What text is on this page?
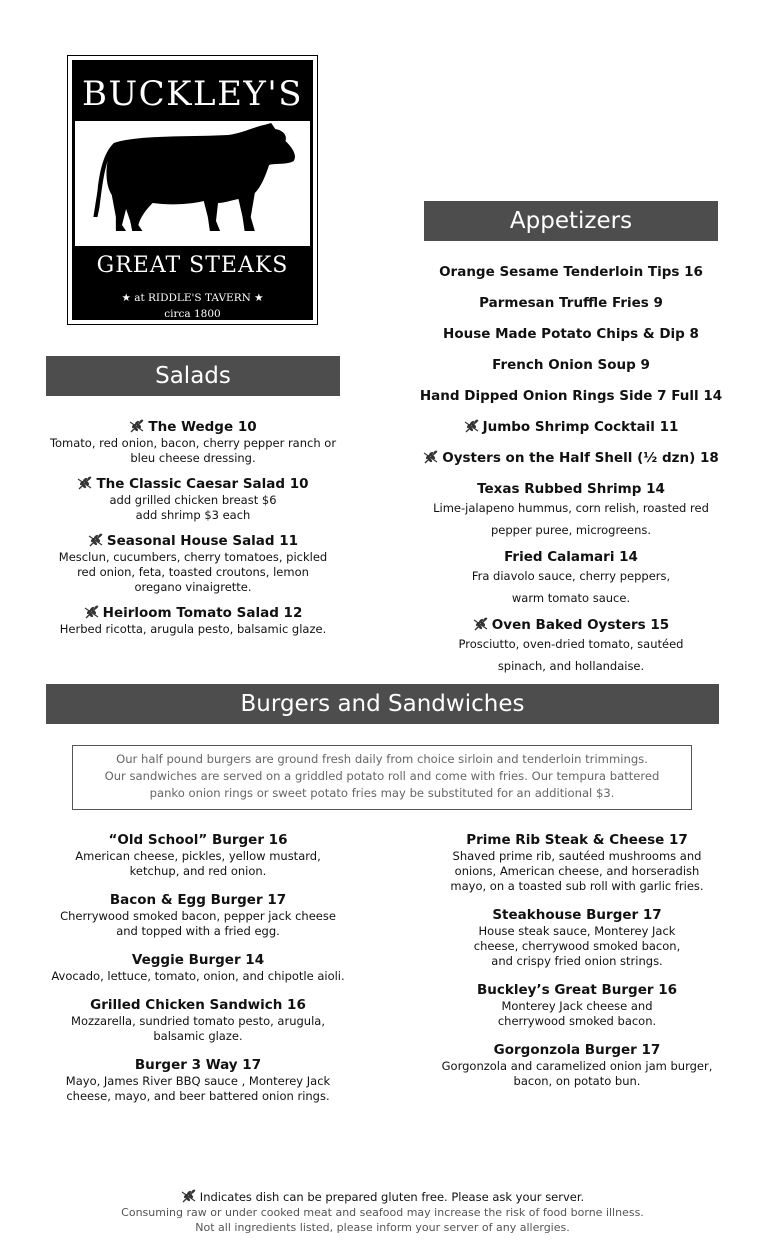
BUCKLEY'S
GREAT STEAKS
★ at RIDDLE'S TAVERN ★
circa 1800
Appetizers
Orange Sesame Tenderloin Tips 16
Parmesan Truffle Fries 9
House Made Potato Chips & Dip 8
French Onion Soup 9
Hand Dipped Onion Rings Side 7 Full 14
Jumbo Shrimp Cocktail 11
Oysters on the Half Shell (½ dzn) 18
Texas Rubbed Shrimp 14
Lime-jalapeno hummus, corn relish, roasted red
pepper puree, microgreens.
Fried Calamari 14
Fra diavolo sauce, cherry peppers,
warm tomato sauce.
Oven Baked Oysters 15
Prosciutto, oven-dried tomato, sautéed
spinach, and hollandaise.
Salads
The Wedge 10
Tomato, red onion, bacon, cherry pepper ranch or
bleu cheese dressing.
The Classic Caesar Salad 10
add grilled chicken breast $6
add shrimp $3 each
Seasonal House Salad 11
Mesclun, cucumbers, cherry tomatoes, pickled
red onion, feta, toasted croutons, lemon
oregano vinaigrette.
Heirloom Tomato Salad 12
Herbed ricotta, arugula pesto, balsamic glaze.
Burgers and Sandwiches
Our half pound burgers are ground fresh daily from choice sirloin and tenderloin trimmings.
Our sandwiches are served on a griddled potato roll and come with fries. Our tempura battered
panko onion rings or sweet potato fries may be substituted for an additional $3.
“Old School” Burger 16
American cheese, pickles, yellow mustard,
ketchup, and red onion.
Bacon & Egg Burger 17
Cherrywood smoked bacon, pepper jack cheese
and topped with a fried egg.
Veggie Burger 14
Avocado, lettuce, tomato, onion, and chipotle aioli.
Grilled Chicken Sandwich 16
Mozzarella, sundried tomato pesto, arugula,
balsamic glaze.
Burger 3 Way 17
Mayo, James River BBQ sauce , Monterey Jack
cheese, mayo, and beer battered onion rings.
Prime Rib Steak & Cheese 17
Shaved prime rib, sautéed mushrooms and
onions, American cheese, and horseradish
mayo, on a toasted sub roll with garlic fries.
Steakhouse Burger 17
House steak sauce, Monterey Jack
cheese, cherrywood smoked bacon,
and crispy fried onion strings.
Buckley’s Great Burger 16
Monterey Jack cheese and
cherrywood smoked bacon.
Gorgonzola Burger 17
Gorgonzola and caramelized onion jam burger,
bacon, on potato bun.
Indicates dish can be prepared gluten free. Please ask your server.
Consuming raw or under cooked meat and seafood may increase the risk of food borne illness.
Not all ingredients listed, please inform your server of any allergies.
